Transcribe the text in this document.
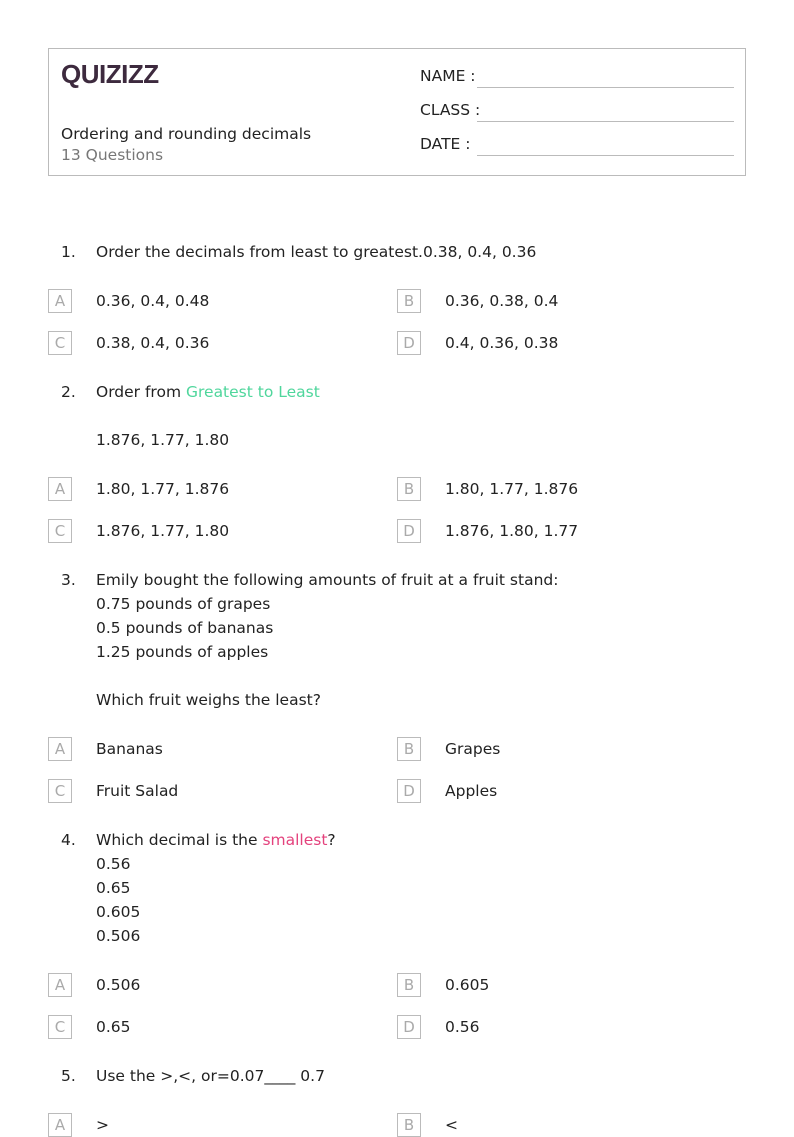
QUIZIZZ
Ordering and rounding decimals
13 Questions
NAME :
CLASS :
DATE :
1. Order the decimals from least to greatest.0.38, 0.4, 0.36
A	0.36, 0.4, 0.48	B	0.36, 0.38, 0.4
C	0.38, 0.4, 0.36	D	0.4, 0.36, 0.38
2. Order from Greatest to Least
1.876, 1.77, 1.80
A	1.80, 1.77, 1.876	B	1.80, 1.77, 1.876
C	1.876, 1.77, 1.80	D	1.876, 1.80, 1.77
3. Emily bought the following amounts of fruit at a fruit stand:
0.75 pounds of grapes
0.5 pounds of bananas
1.25 pounds of apples
Which fruit weighs the least?
A	Bananas	B	Grapes
C	Fruit Salad	D	Apples
4. Which decimal is the smallest?
0.56
0.65
0.605
0.506
A	0.506	B	0.605
C	0.65	D	0.56
5. Use the >,<, or=0.07____ 0.7
A	>	B	<
